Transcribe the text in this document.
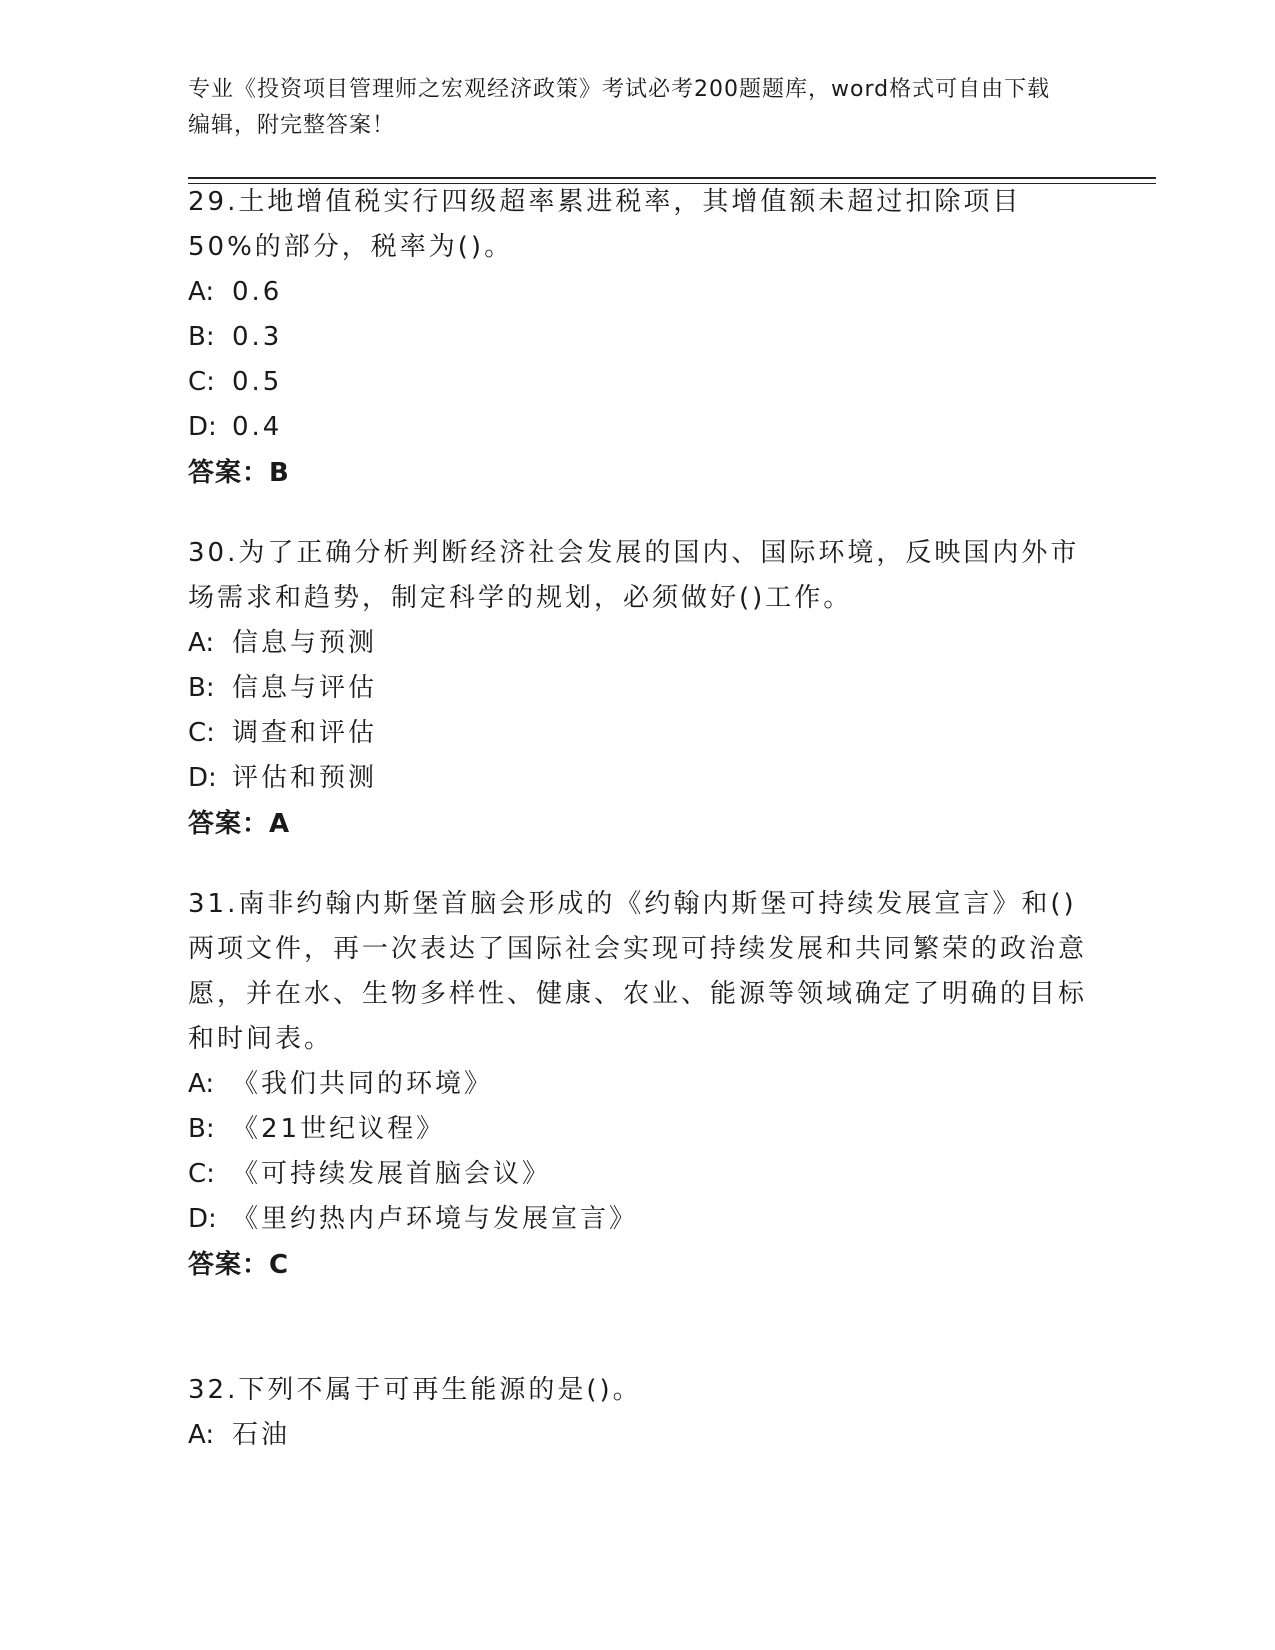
专业《投资项目管理师之宏观经济政策》考试必考200题题库，word格式可自由下载编辑，附完整答案！

29.土地增值税实行四级超率累进税率，其增值额未超过扣除项目50%的部分，税率为()。

A: 0.6

B: 0.3

C: 0.5

D: 0.4

答案：B

30.为了正确分析判断经济社会发展的国内、国际环境，反映国内外市场需求和趋势，制定科学的规划，必须做好()工作。

A: 信息与预测

B: 信息与评估

C: 调查和评估

D: 评估和预测

答案：A

31.南非约翰内斯堡首脑会形成的《约翰内斯堡可持续发展宣言》和()两项文件，再一次表达了国际社会实现可持续发展和共同繁荣的政治意愿，并在水、生物多样性、健康、农业、能源等领域确定了明确的目标和时间表。

A: 《我们共同的环境》

B: 《21世纪议程》

C: 《可持续发展首脑会议》

D: 《里约热内卢环境与发展宣言》

答案：C

32.下列不属于可再生能源的是()。

A: 石油
